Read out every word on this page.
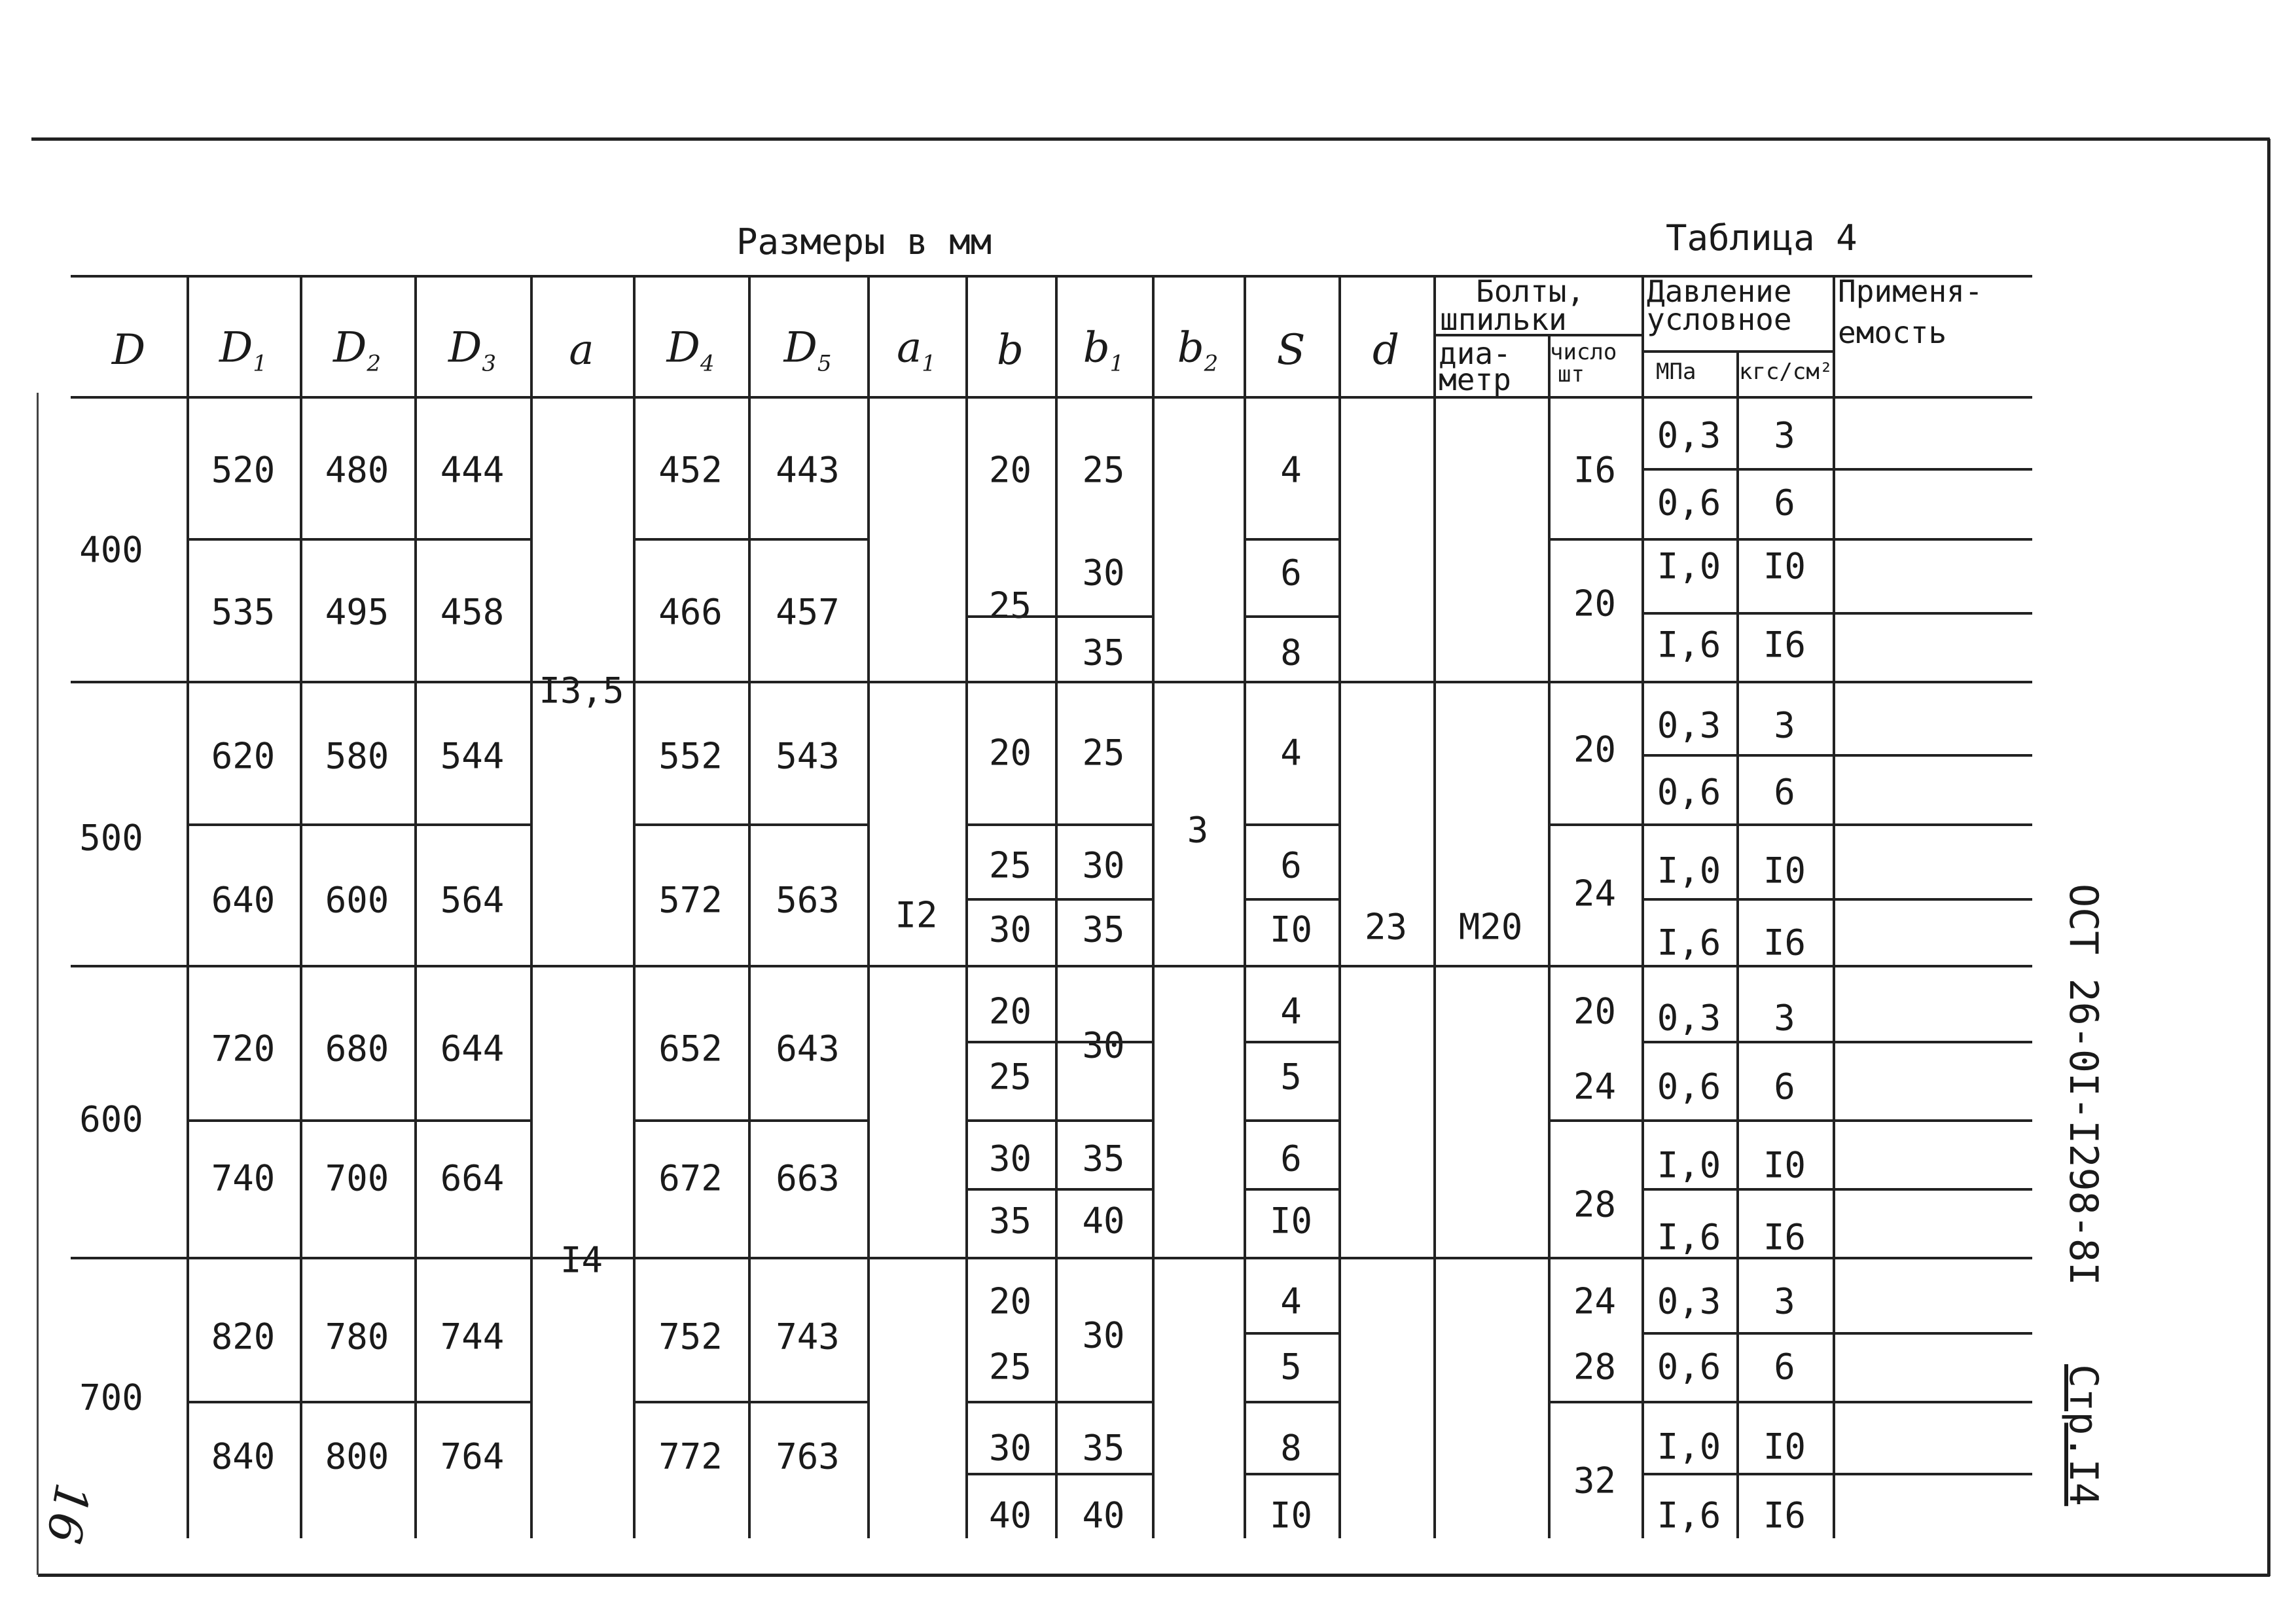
Размеры в мм	Таблица 4
D $D_1$ $D_2$ $D_3$ a $D_4$ $D_5$ $a_1$ b $b_1$ $b_2$ S d
Болты,
шпильки
диа-
метр
число
шт
Давление
условное
МПа кгс/см²
Применя-
емость
400
500
600
700
520
535
620
640
720
740
820
840
480
495
580
600
680
700
780
800
444
458
544
564
644
664
744
764
452
466
552
572
652
672
752
772
443
457
543
563
643
663
743
763
I3,5
I4
I2
3
23 М20
20
25
20
25
30
20
25
30
35
20
25
30
40
25
30
35
25
30
35
30
35
40
30
35
40
4
6
8
4
6
I0
4
5
6
I0
4
5
8
I0
I6
20
20
24
20
24
28
24
28
32
0,3 3
0,6 6
I,0 I0
I,6 I6
0,3 3
0,6 6
I,0 I0
I,6 I6
0,3 3
0,6 6
I,0 I0
I,6 I6
0,3 3
0,6 6
I,0 I0
I,6 I6
ОСТ 26-0I-I298-8IСтр.I4
16
